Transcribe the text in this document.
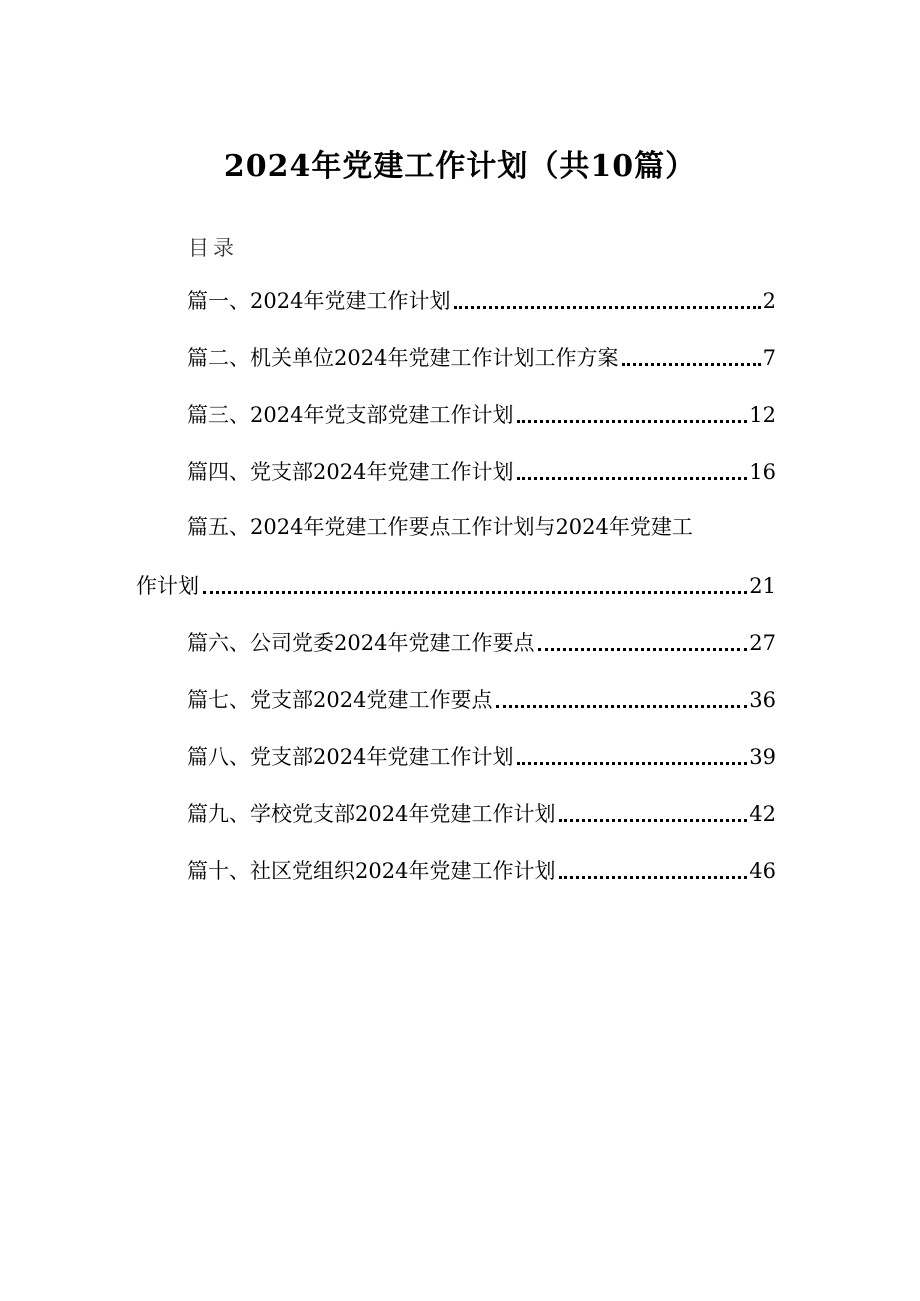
2024年党建工作计划（共10篇）
目录
篇一、2024年党建工作计划	2
篇二、机关单位2024年党建工作计划工作方案	7
篇三、2024年党支部党建工作计划	12
篇四、党支部2024年党建工作计划	16
篇五、2024年党建工作要点工作计划与2024年党建工
作计划	21
篇六、公司党委2024年党建工作要点	27
篇七、党支部2024党建工作要点	36
篇八、党支部2024年党建工作计划	39
篇九、学校党支部2024年党建工作计划	42
篇十、社区党组织2024年党建工作计划	46
